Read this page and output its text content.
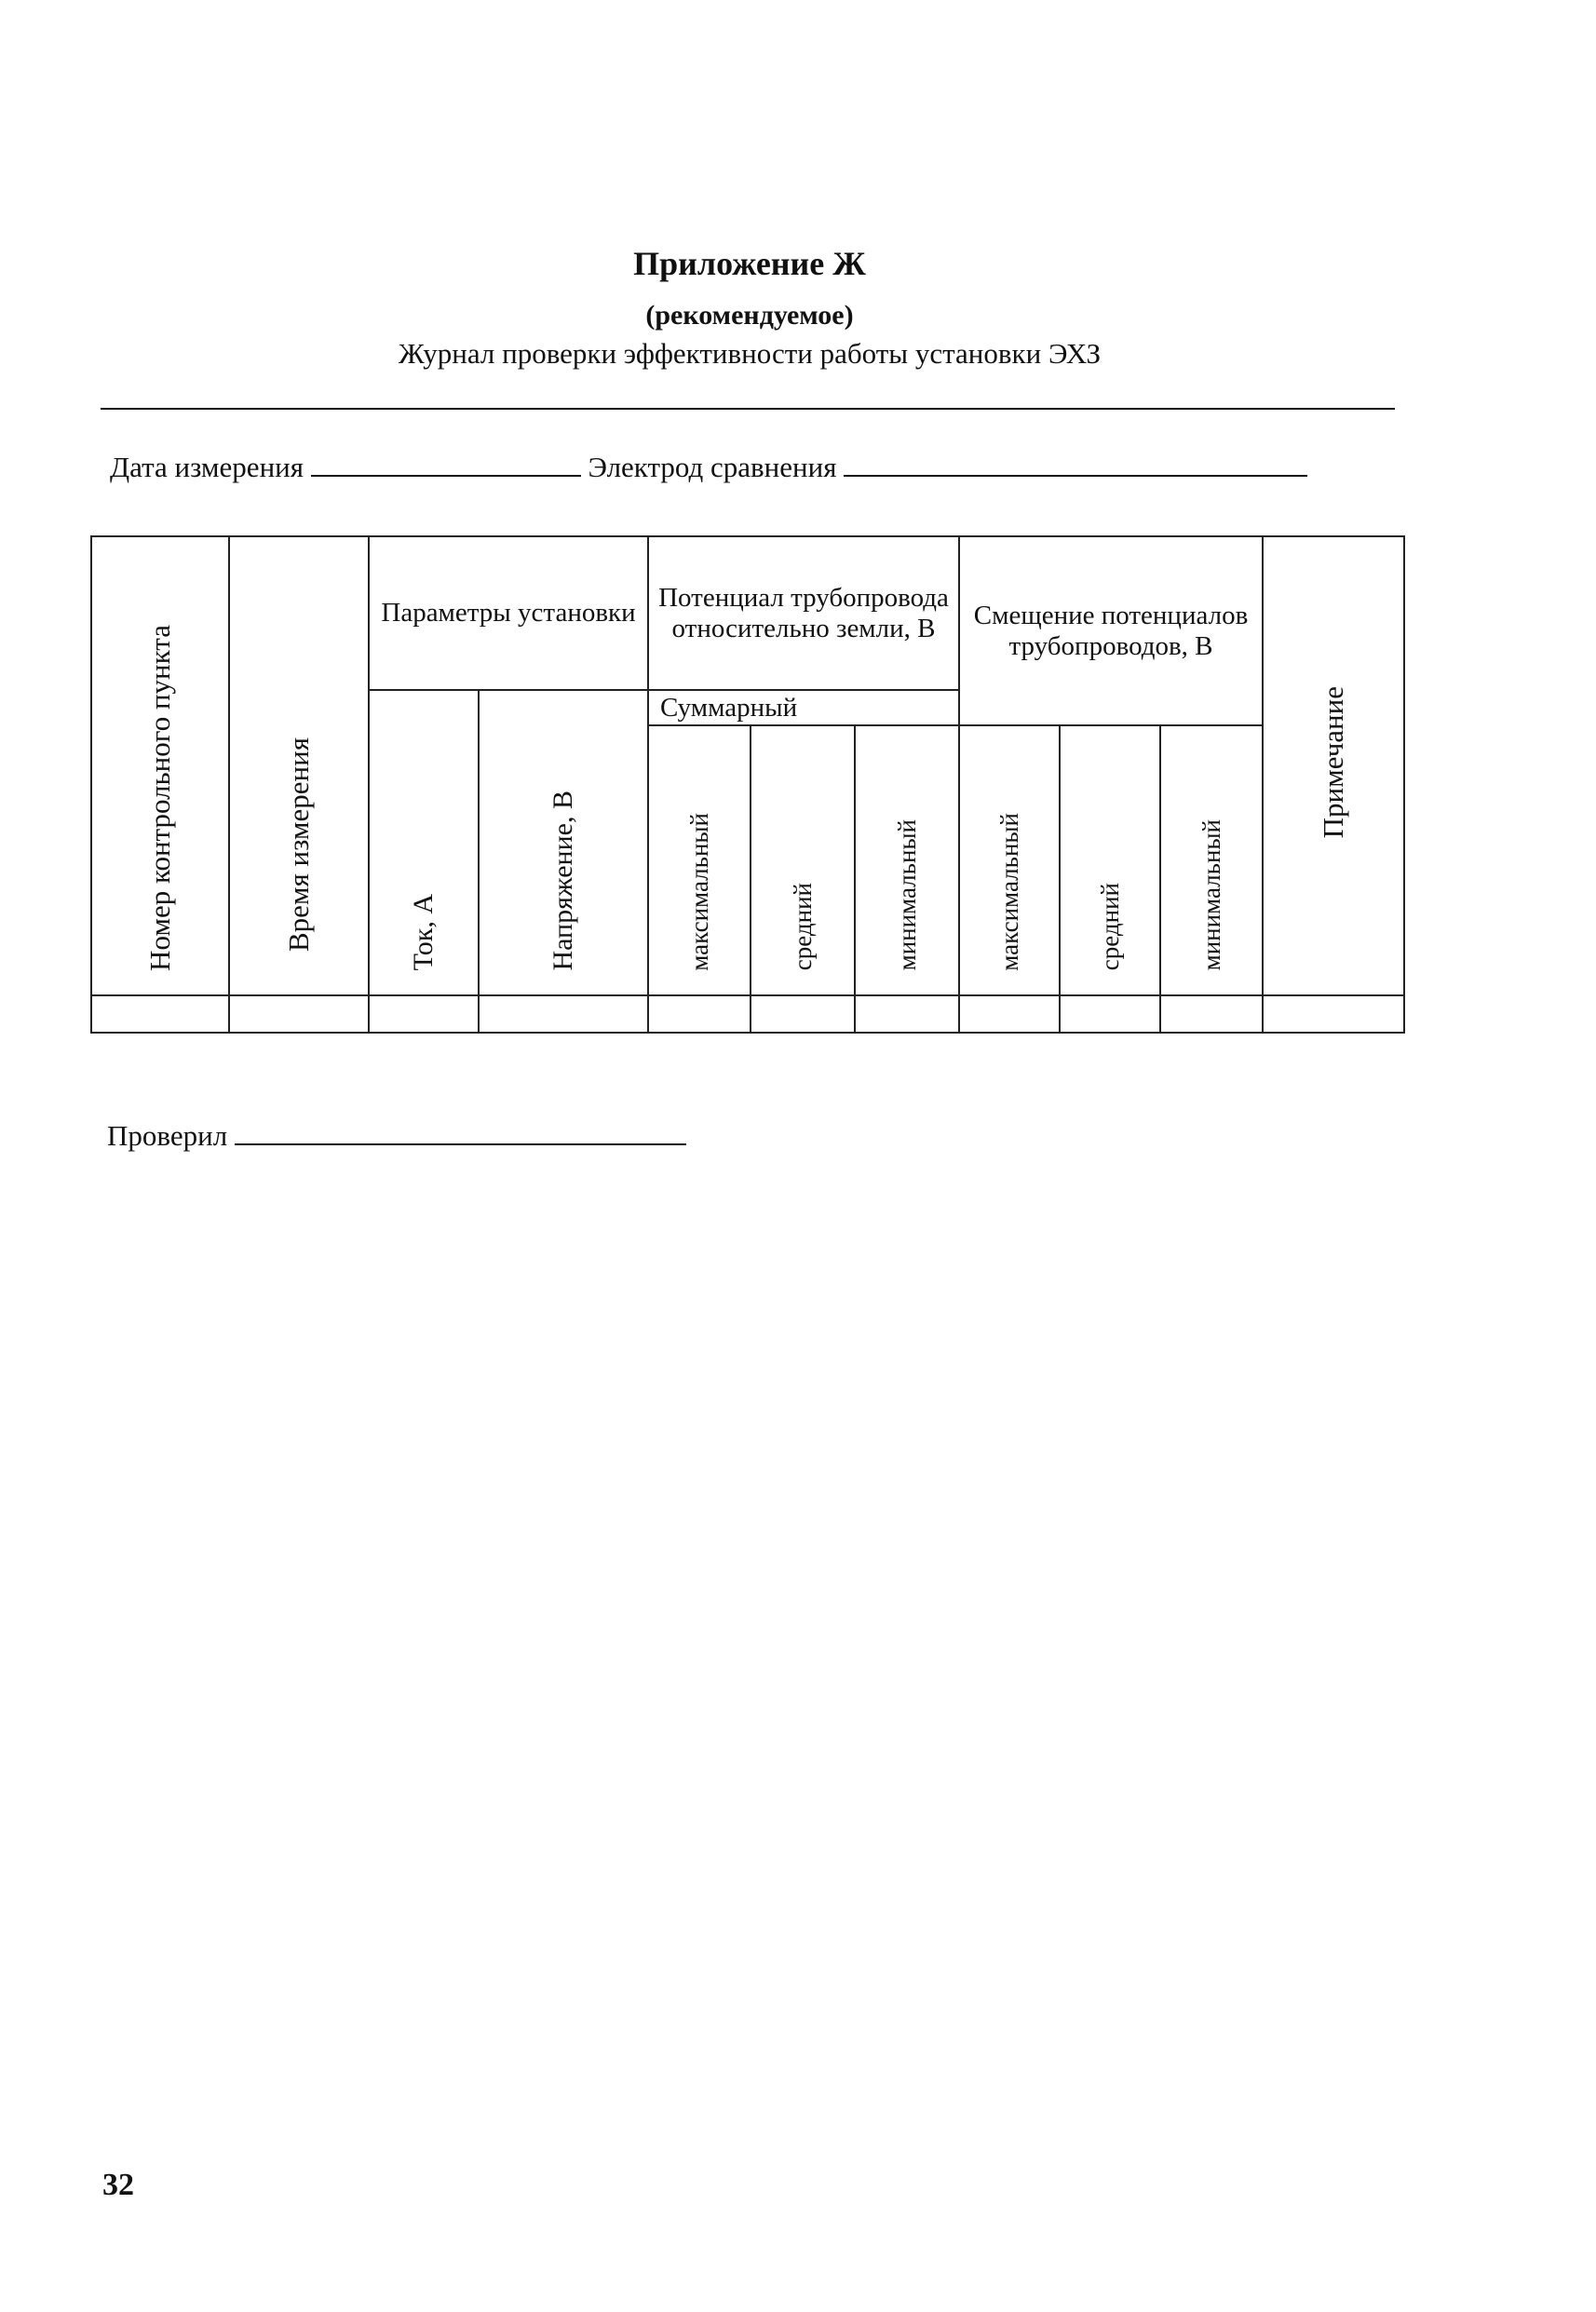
Приложение Ж
(рекомендуемое)
Журнал проверки эффективности работы установки ЭХЗ
Дата измерения	Электрод сравнения
Номер контрольного пункта	Время измерения	Параметры установки		Потенциал трубопровода относительно земли, В			Смещение потенциалов трубопроводов, В			Примечание
		Ток, А	Напряжение, В	Суммарный						
				максимальный	средний	минимальный	максимальный	средний	минимальный	

Проверил
32
